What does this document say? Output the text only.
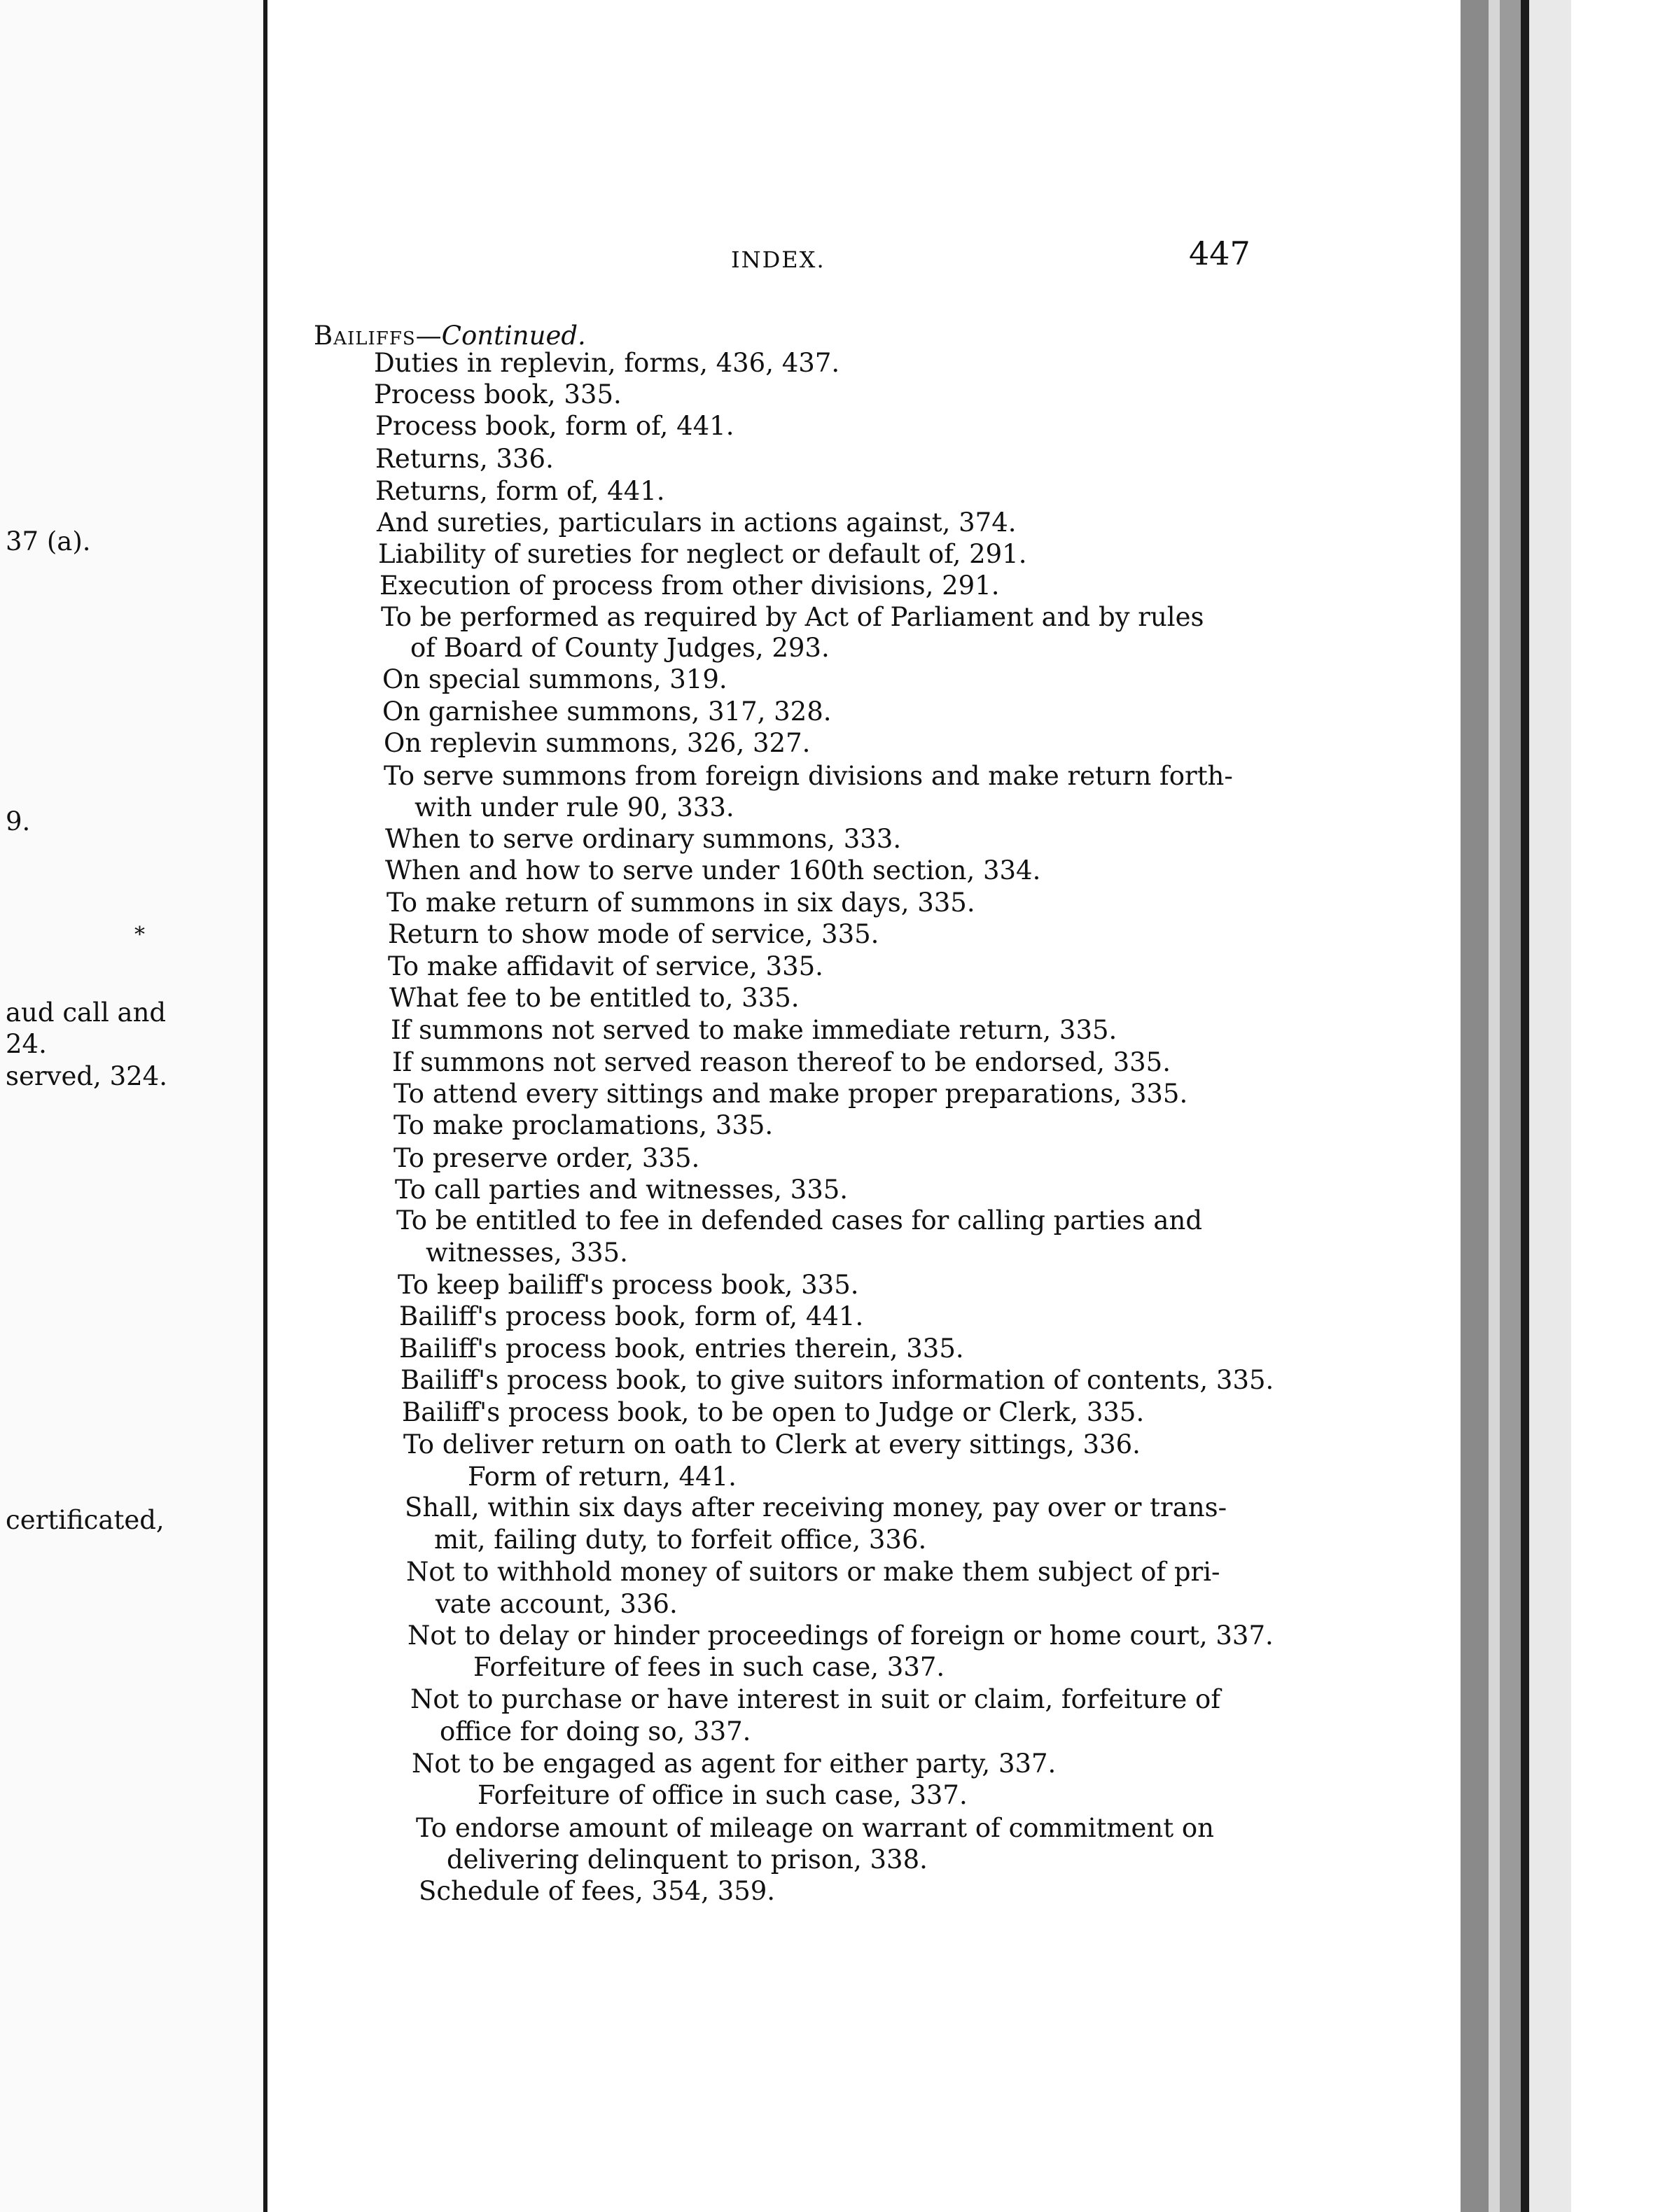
37 (a).
9.
*
aud call and
24.
served, 324.
certificated,
INDEX.	447
Bailiffs—Continued.
Duties in replevin, forms, 436, 437.
Process book, 335.
Process book, form of, 441.
Returns, 336.
Returns, form of, 441.
And sureties, particulars in actions against, 374.
Liability of sureties for neglect or default of, 291.
Execution of process from other divisions, 291.
To be performed as required by Act of Parliament and by rules
of Board of County Judges, 293.
On special summons, 319.
On garnishee summons, 317, 328.
On replevin summons, 326, 327.
To serve summons from foreign divisions and make return forth-
with under rule 90, 333.
When to serve ordinary summons, 333.
When and how to serve under 160th section, 334.
To make return of summons in six days, 335.
Return to show mode of service, 335.
To make affidavit of service, 335.
What fee to be entitled to, 335.
If summons not served to make immediate return, 335.
If summons not served reason thereof to be endorsed, 335.
To attend every sittings and make proper preparations, 335.
To make proclamations, 335.
To preserve order, 335.
To call parties and witnesses, 335.
To be entitled to fee in defended cases for calling parties and
witnesses, 335.
To keep bailiff's process book, 335.
Bailiff's process book, form of, 441.
Bailiff's process book, entries therein, 335.
Bailiff's process book, to give suitors information of contents, 335.
Bailiff's process book, to be open to Judge or Clerk, 335.
To deliver return on oath to Clerk at every sittings, 336.
Form of return, 441.
Shall, within six days after receiving money, pay over or trans-
mit, failing duty, to forfeit office, 336.
Not to withhold money of suitors or make them subject of pri-
vate account, 336.
Not to delay or hinder proceedings of foreign or home court, 337.
Forfeiture of fees in such case, 337.
Not to purchase or have interest in suit or claim, forfeiture of
office for doing so, 337.
Not to be engaged as agent for either party, 337.
Forfeiture of office in such case, 337.
To endorse amount of mileage on warrant of commitment on
delivering delinquent to prison, 338.
Schedule of fees, 354, 359.
